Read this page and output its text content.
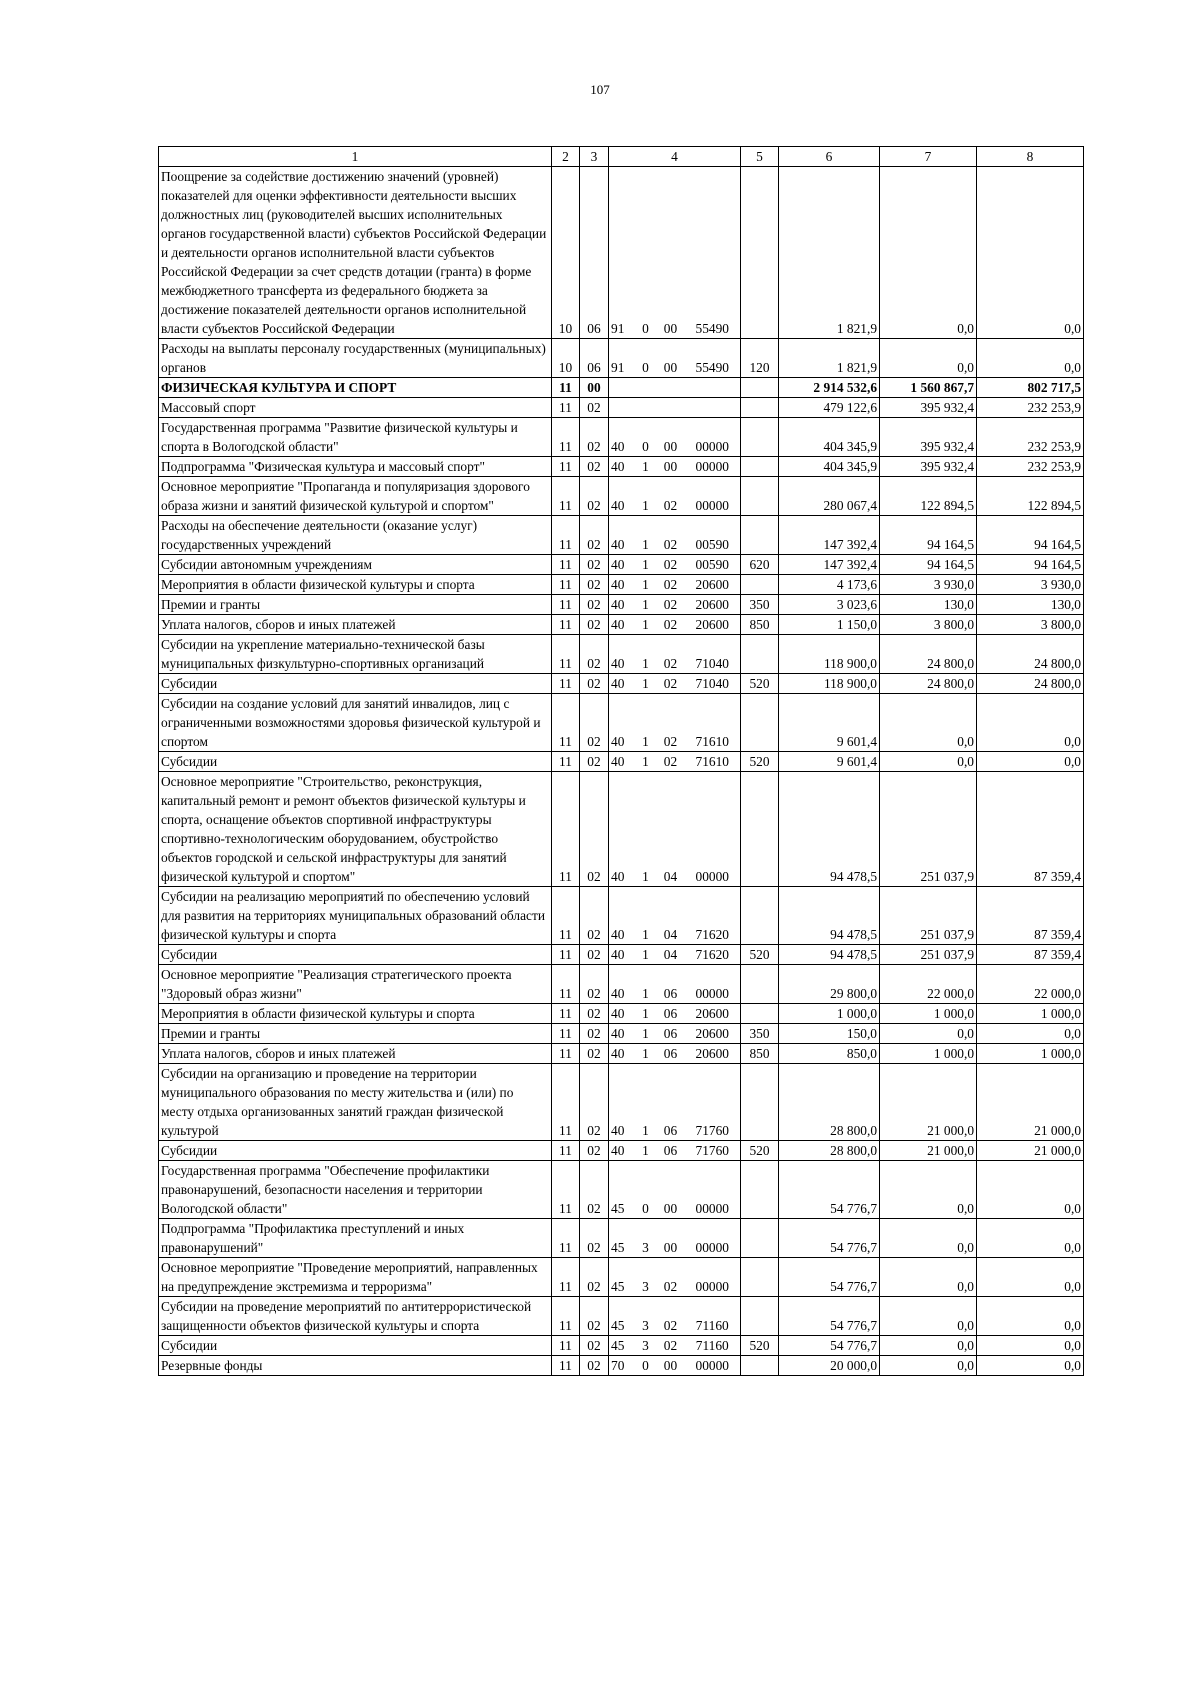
107
1	2	3	4				5	6	7	8
Поощрение за содействие достижению значений (уровней) показателей для оценки эффективности деятельности высших должностных лиц (руководителей высших исполнительных органов государственной власти) субъектов Российской Федерации и деятельности органов исполнительной власти субъектов Российской Федерации за счет средств дотации (гранта) в форме межбюджетного трансферта из федерального бюджета за достижение показателей деятельности органов исполнительной власти субъектов Российской Федерации	10	06	91	0	00	55490		1 821,9	0,0	0,0
Расходы на выплаты персоналу государственных (муниципальных) органов	10	06	91	0	00	55490	120	1 821,9	0,0	0,0
ФИЗИЧЕСКАЯ КУЛЬТУРА И СПОРТ	11	00						2 914 532,6	1 560 867,7	802 717,5
Массовый спорт	11	02						479 122,6	395 932,4	232 253,9
Государственная программа "Развитие физической культуры и спорта в Вологодской области"	11	02	40	0	00	00000		404 345,9	395 932,4	232 253,9
Подпрограмма "Физическая культура и массовый спорт"	11	02	40	1	00	00000		404 345,9	395 932,4	232 253,9
Основное мероприятие "Пропаганда и популяризация здорового образа жизни и занятий физической культурой и спортом"	11	02	40	1	02	00000		280 067,4	122 894,5	122 894,5
Расходы на обеспечение деятельности (оказание услуг) государственных учреждений	11	02	40	1	02	00590		147 392,4	94 164,5	94 164,5
Субсидии автономным учреждениям	11	02	40	1	02	00590	620	147 392,4	94 164,5	94 164,5
Мероприятия в области физической культуры и спорта	11	02	40	1	02	20600		4 173,6	3 930,0	3 930,0
Премии и гранты	11	02	40	1	02	20600	350	3 023,6	130,0	130,0
Уплата налогов, сборов и иных платежей	11	02	40	1	02	20600	850	1 150,0	3 800,0	3 800,0
Субсидии на укрепление материально-технической базы муниципальных физкультурно-спортивных организаций	11	02	40	1	02	71040		118 900,0	24 800,0	24 800,0
Субсидии	11	02	40	1	02	71040	520	118 900,0	24 800,0	24 800,0
Субсидии на создание условий для занятий инвалидов, лиц с ограниченными возможностями здоровья физической культурой и спортом	11	02	40	1	02	71610		9 601,4	0,0	0,0
Субсидии	11	02	40	1	02	71610	520	9 601,4	0,0	0,0
Основное мероприятие "Строительство, реконструкция, капитальный ремонт и ремонт объектов физической культуры и спорта, оснащение объектов спортивной инфраструктуры спортивно-технологическим оборудованием, обустройство объектов городской и сельской инфраструктуры для занятий физической культурой и спортом"	11	02	40	1	04	00000		94 478,5	251 037,9	87 359,4
Субсидии на реализацию мероприятий по обеспечению условий для развития на территориях муниципальных образований области физической культуры и спорта	11	02	40	1	04	71620		94 478,5	251 037,9	87 359,4
Субсидии	11	02	40	1	04	71620	520	94 478,5	251 037,9	87 359,4
Основное мероприятие "Реализация стратегического проекта "Здоровый образ жизни"	11	02	40	1	06	00000		29 800,0	22 000,0	22 000,0
Мероприятия в области физической культуры и спорта	11	02	40	1	06	20600		1 000,0	1 000,0	1 000,0
Премии и гранты	11	02	40	1	06	20600	350	150,0	0,0	0,0
Уплата налогов, сборов и иных платежей	11	02	40	1	06	20600	850	850,0	1 000,0	1 000,0
Субсидии на организацию и проведение на территории муниципального образования по месту жительства и (или) по месту отдыха организованных занятий граждан физической культурой	11	02	40	1	06	71760		28 800,0	21 000,0	21 000,0
Субсидии	11	02	40	1	06	71760	520	28 800,0	21 000,0	21 000,0
Государственная программа "Обеспечение профилактики правонарушений, безопасности населения и территории Вологодской области"	11	02	45	0	00	00000		54 776,7	0,0	0,0
Подпрограмма "Профилактика преступлений и иных правонарушений"	11	02	45	3	00	00000		54 776,7	0,0	0,0
Основное мероприятие "Проведение мероприятий, направленных на предупреждение экстремизма и терроризма"	11	02	45	3	02	00000		54 776,7	0,0	0,0
Субсидии на проведение мероприятий по антитеррористической защищенности объектов физической культуры и спорта	11	02	45	3	02	71160		54 776,7	0,0	0,0
Субсидии	11	02	45	3	02	71160	520	54 776,7	0,0	0,0
Резервные фонды	11	02	70	0	00	00000		20 000,0	0,0	0,0
